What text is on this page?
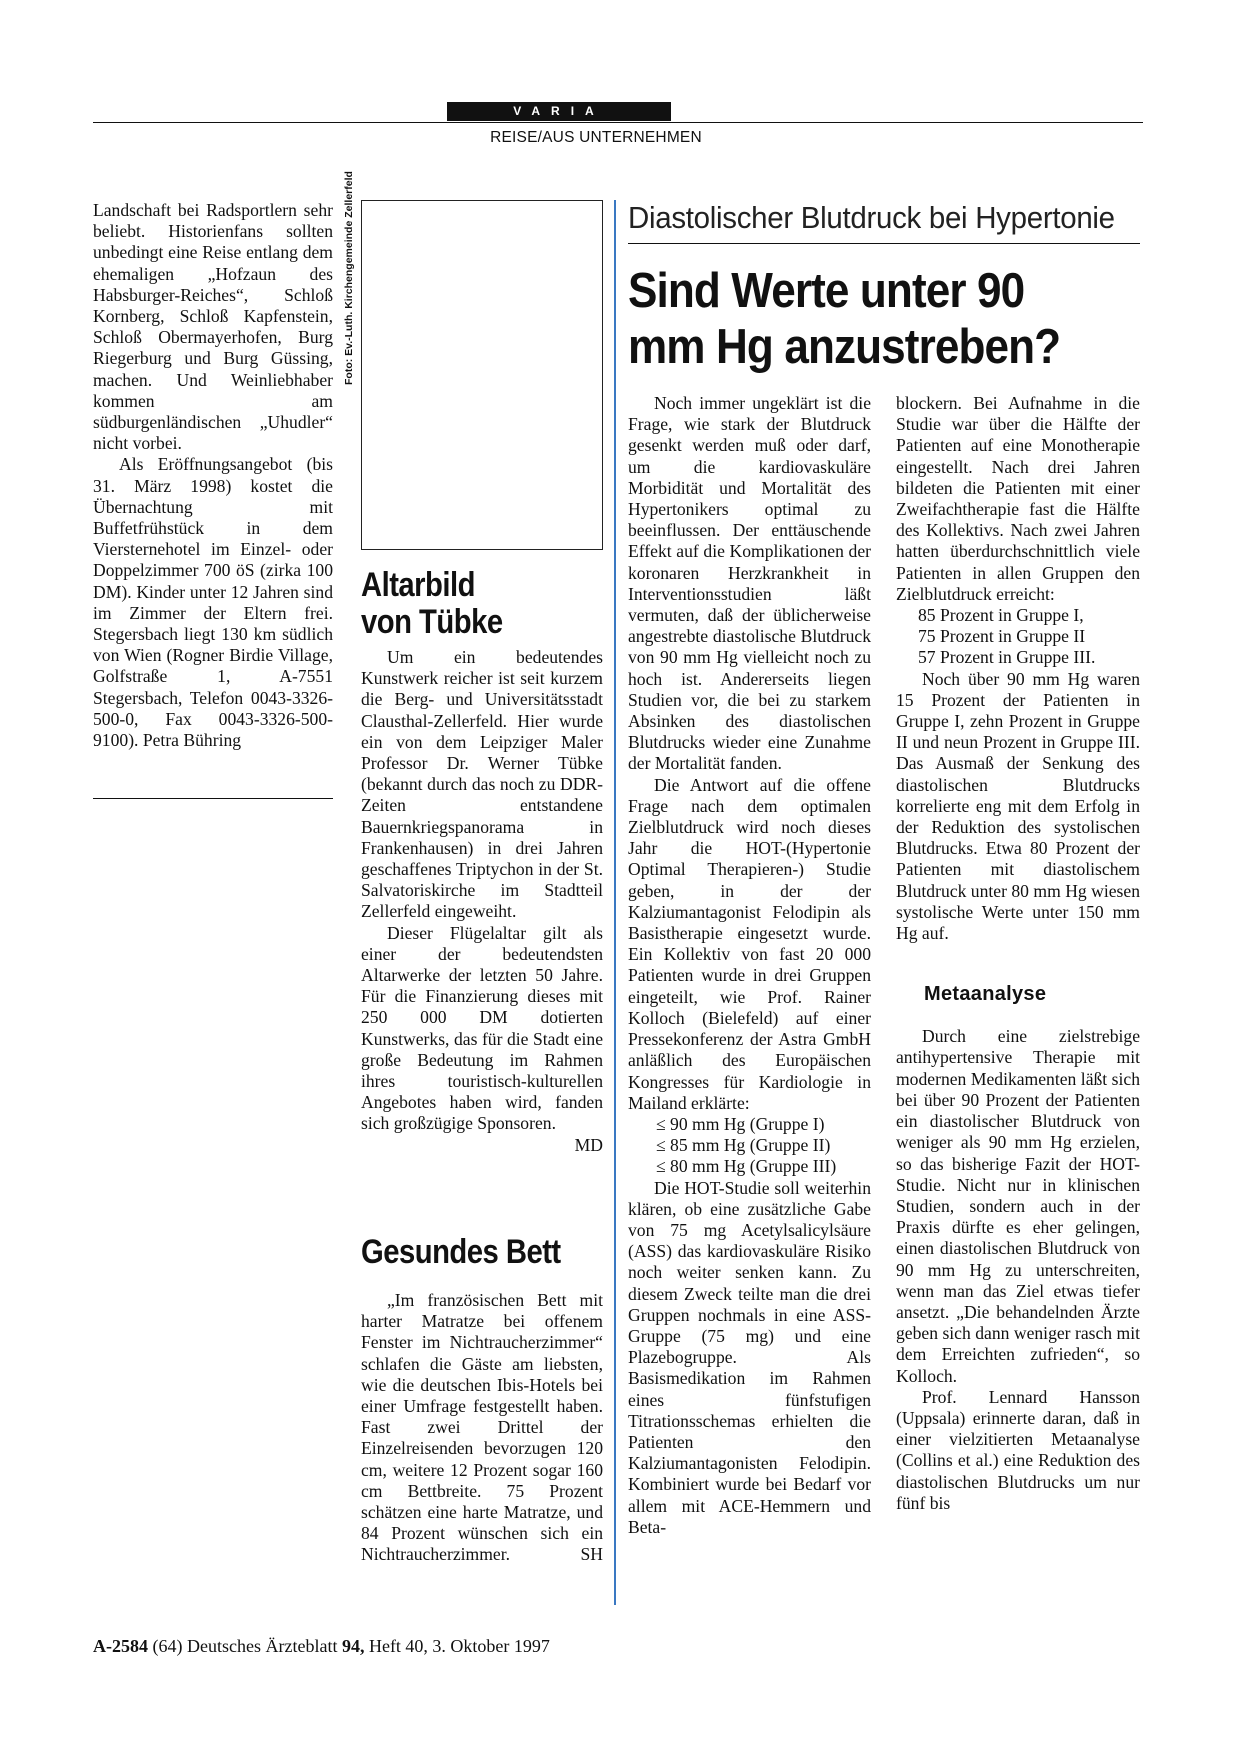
VARIA
REISE/AUS UNTERNEHMEN

Landschaft bei Radsportlern sehr beliebt. Historienfans sollten unbedingt eine Reise entlang dem ehemaligen „Hofzaun des Habsburger-Reiches“, Schloß Kornberg, Schloß Kapfenstein, Schloß Obermayerhofen, Burg Riegerburg und Burg Güssing, machen. Und Weinliebhaber kommen am südburgenländischen „Uhudler“ nicht vorbei.

Als Eröffnungsangebot (bis 31. März 1998) kostet die Übernachtung mit Buffetfrühstück in dem Viersternehotel im Einzel- oder Doppelzimmer 700 öS (zirka 100 DM). Kinder unter 12 Jahren sind im Zimmer der Eltern frei. Stegersbach liegt 130 km südlich von Wien (Rogner Birdie Village, Golfstraße 1, A-7551 Stegersbach, Telefon 0043-3326-500-0, Fax 0043-3326-500-9100). Petra Bühring

Foto: Ev.-Luth. Kirchengemeinde Zellerfeld
Altarbild
von Tübke

Um ein bedeutendes Kunstwerk reicher ist seit kurzem die Berg- und Universitätsstadt Clausthal-Zellerfeld. Hier wurde ein von dem Leipziger Maler Professor Dr. Werner Tübke (bekannt durch das noch zu DDR-Zeiten entstandene Bauernkriegspanorama in Frankenhausen) in drei Jahren geschaffenes Triptychon in der St. Salvatoriskirche im Stadtteil Zellerfeld eingeweiht.

Dieser Flügelaltar gilt als einer der bedeutendsten Altarwerke der letzten 50 Jahre. Für die Finanzierung dieses mit 250 000 DM dotierten Kunstwerks, das für die Stadt eine große Bedeutung im Rahmen ihres touristisch-kulturellen Angebotes haben wird, fanden sich großzügige Sponsoren.
MD

Gesundes Bett

„Im französischen Bett mit harter Matratze bei offenem Fenster im Nichtraucherzimmer“ schlafen die Gäste am liebsten, wie die deutschen Ibis-Hotels bei einer Umfrage festgestellt haben. Fast zwei Drittel der Einzelreisenden bevorzugen 120 cm, weitere 12 Prozent sogar 160 cm Bettbreite. 75 Prozent schätzen eine harte Matratze, und 84 Prozent wünschen sich ein Nichtraucherzimmer.	SH

Diastolischer Blutdruck bei Hypertonie
Sind Werte unter 90
mm Hg anzustreben?

Noch immer ungeklärt ist die Frage, wie stark der Blutdruck gesenkt werden muß oder darf, um die kardiovaskuläre Morbidität und Mortalität des Hypertonikers optimal zu beeinflussen. Der enttäuschende Effekt auf die Komplikationen der koronaren Herzkrankheit in Interventionsstudien läßt vermuten, daß der üblicherweise angestrebte diastolische Blutdruck von 90 mm Hg vielleicht noch zu hoch ist. Andererseits liegen Studien vor, die bei zu starkem Absinken des diastolischen Blutdrucks wieder eine Zunahme der Mortalität fanden.

Die Antwort auf die offene Frage nach dem optimalen Zielblutdruck wird noch dieses Jahr die HOT-(Hypertonie Optimal Therapieren-) Studie geben, in der der Kalziumantagonist Felodipin als Basistherapie eingesetzt wurde. Ein Kollektiv von fast 20 000 Patienten wurde in drei Gruppen eingeteilt, wie Prof. Rainer Kolloch (Bielefeld) auf einer Pressekonferenz der Astra GmbH anläßlich des Europäischen Kongresses für Kardiologie in Mailand erklärte:

≤ 90 mm Hg (Gruppe I)

≤ 85 mm Hg (Gruppe II)

≤ 80 mm Hg (Gruppe III)

Die HOT-Studie soll weiterhin klären, ob eine zusätzliche Gabe von 75 mg Acetylsalicylsäure (ASS) das kardiovaskuläre Risiko noch weiter senken kann. Zu diesem Zweck teilte man die drei Gruppen nochmals in eine ASS-Gruppe (75 mg) und eine Plazebogruppe. Als Basismedikation im Rahmen eines fünfstufigen Titrationsschemas erhielten die Patienten den Kalziumantagonisten Felodipin. Kombiniert wurde bei Bedarf vor allem mit ACE-Hemmern und Beta-

blockern. Bei Aufnahme in die Studie war über die Hälfte der Patienten auf eine Monotherapie eingestellt. Nach drei Jahren bildeten die Patienten mit einer Zweifachtherapie fast die Hälfte des Kollektivs. Nach zwei Jahren hatten überdurchschnittlich viele Patienten in allen Gruppen den Zielblutdruck erreicht:

85 Prozent in Gruppe I,

75 Prozent in Gruppe II

57 Prozent in Gruppe III.

Noch über 90 mm Hg waren 15 Prozent der Patienten in Gruppe I, zehn Prozent in Gruppe II und neun Prozent in Gruppe III. Das Ausmaß der Senkung des diastolischen Blutdrucks korrelierte eng mit dem Erfolg in der Reduktion des systolischen Blutdrucks. Etwa 80 Prozent der Patienten mit diastolischem Blutdruck unter 80 mm Hg wiesen systolische Werte unter 150 mm Hg auf.

Metaanalyse

Durch eine zielstrebige antihypertensive Therapie mit modernen Medikamenten läßt sich bei über 90 Prozent der Patienten ein diastolischer Blutdruck von weniger als 90 mm Hg erzielen, so das bisherige Fazit der HOT-Studie. Nicht nur in klinischen Studien, sondern auch in der Praxis dürfte es eher gelingen, einen diastolischen Blutdruck von 90 mm Hg zu unterschreiten, wenn man das Ziel etwas tiefer ansetzt. „Die behandelnden Ärzte geben sich dann weniger rasch mit dem Erreichten zufrieden“, so Kolloch.

Prof. Lennard Hansson (Uppsala) erinnerte daran, daß in einer vielzitierten Metaanalyse (Collins et al.) eine Reduktion des diastolischen Blutdrucks um nur fünf bis

A-2584 (64) Deutsches Ärzteblatt 94, Heft 40, 3. Oktober 1997
